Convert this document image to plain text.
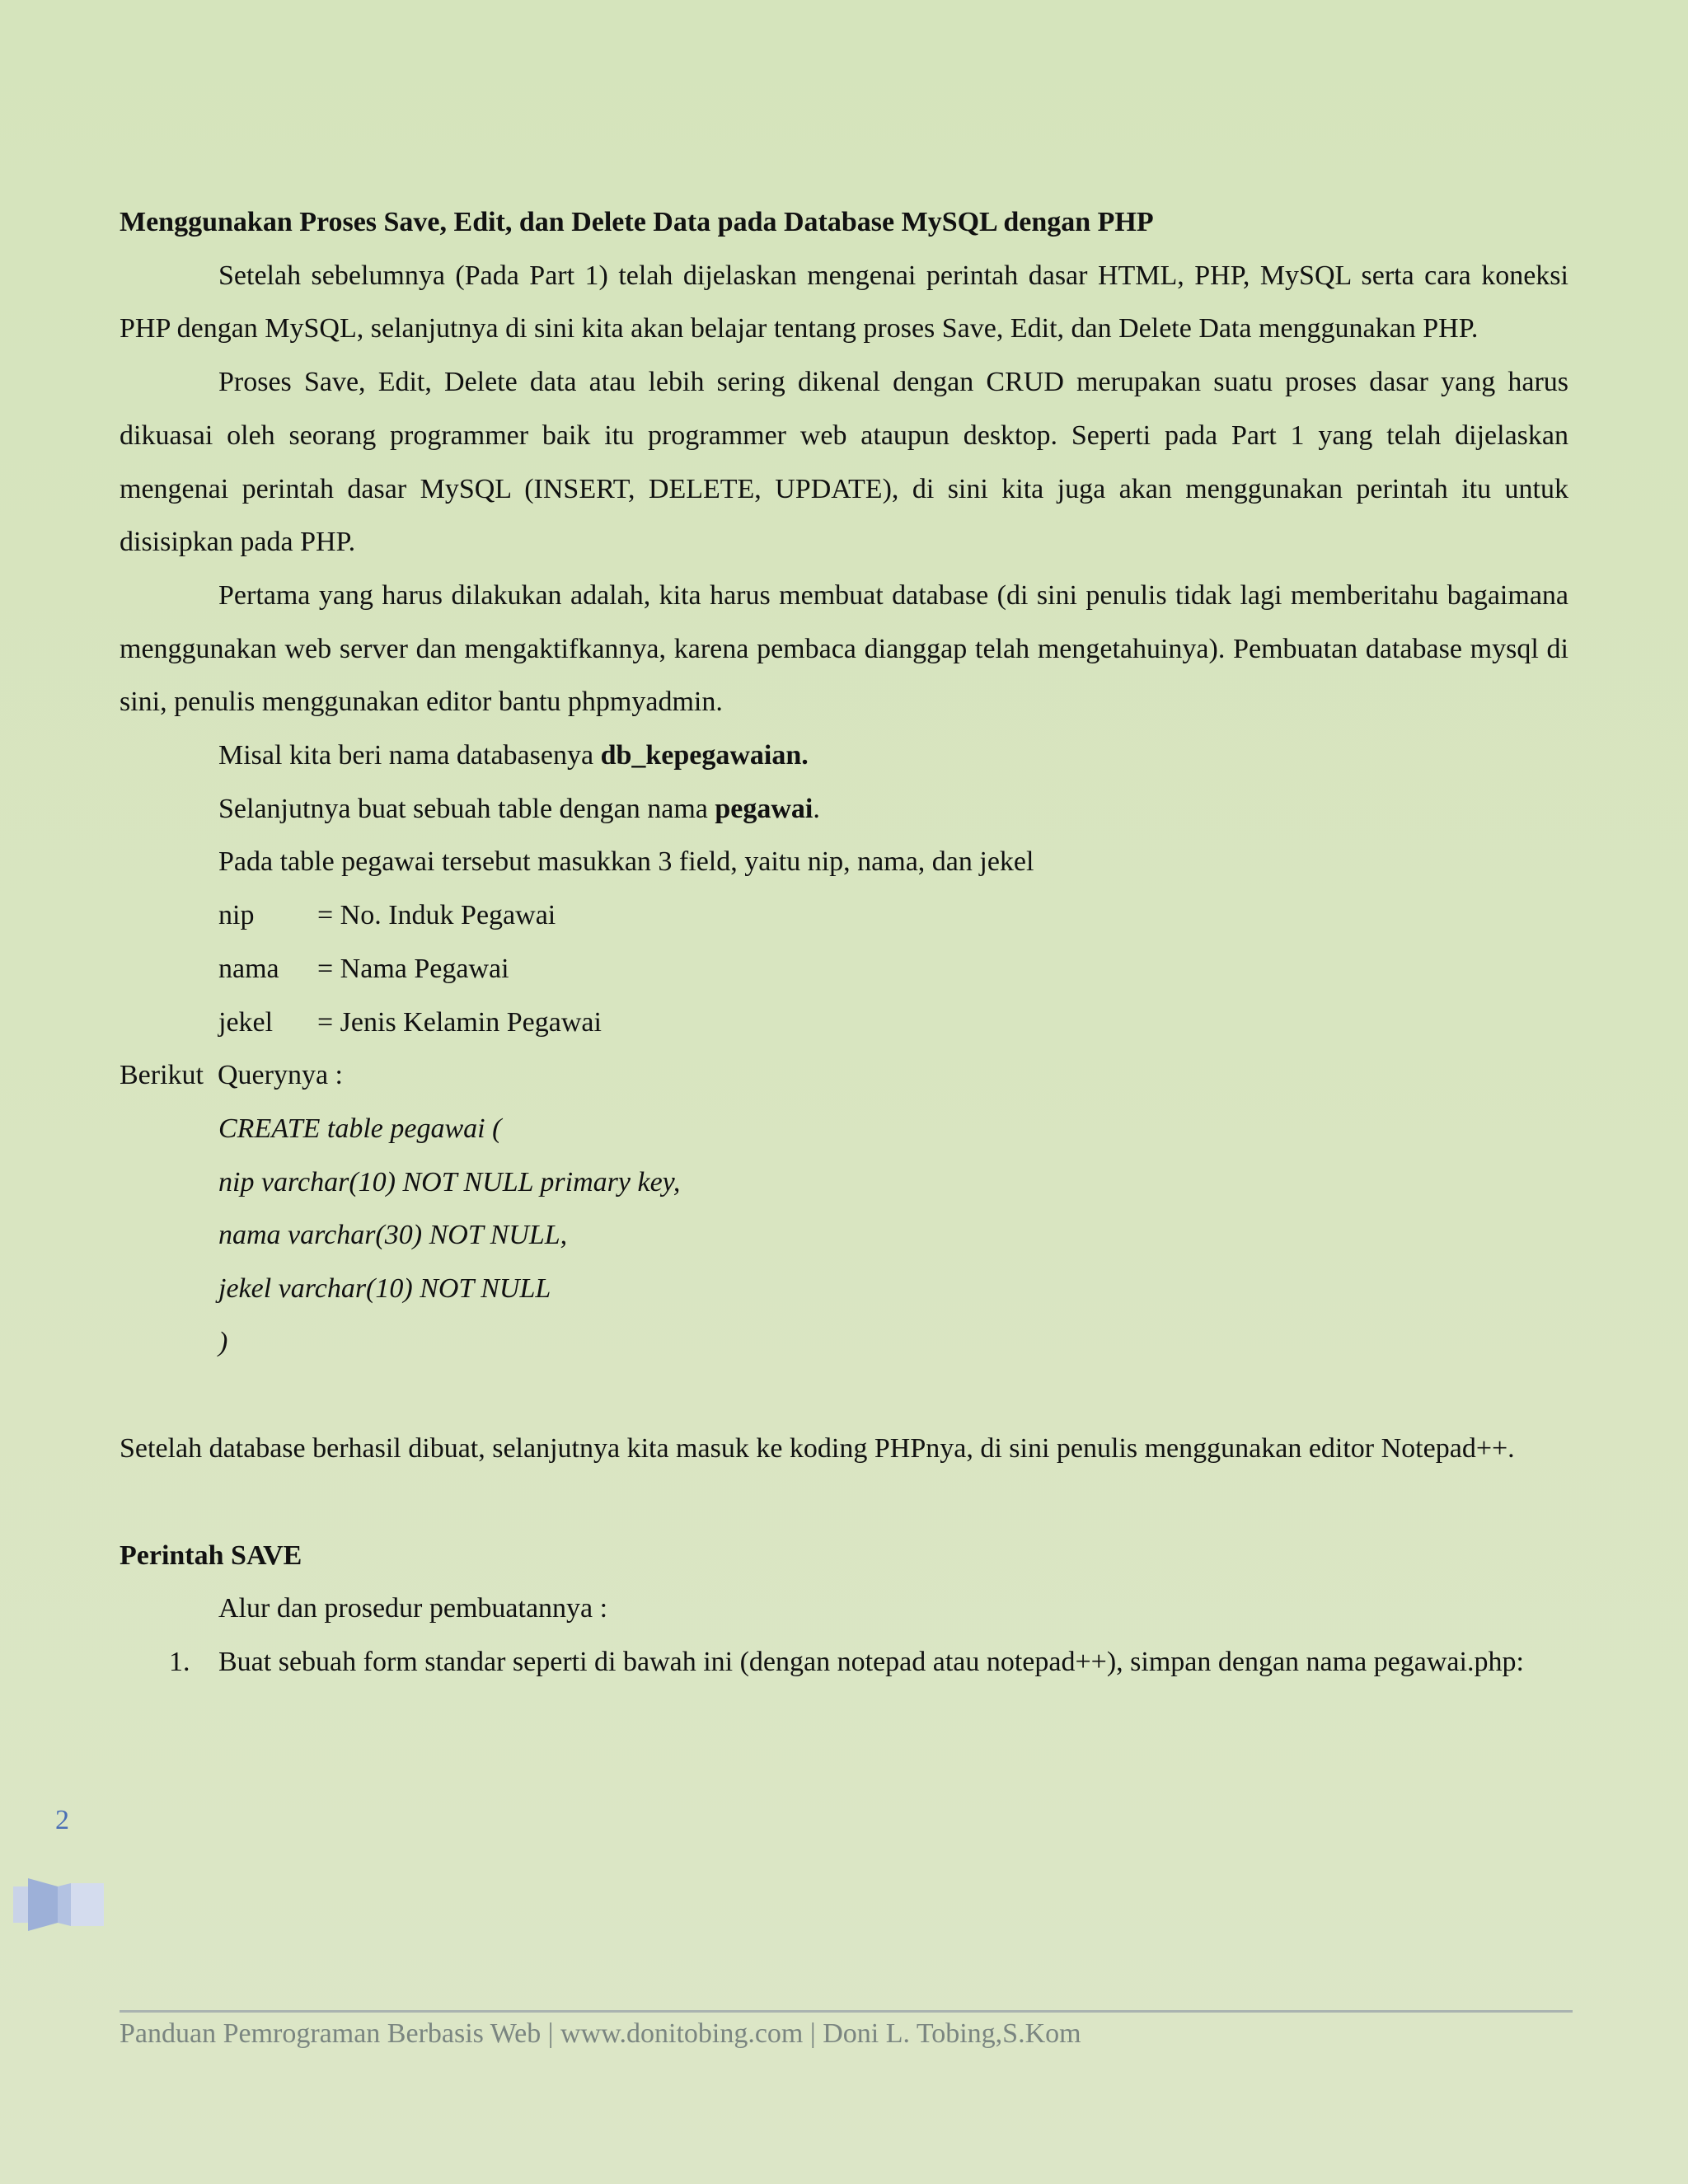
Menggunakan Proses Save, Edit, dan Delete Data pada Database MySQL dengan PHP

Setelah sebelumnya (Pada Part 1) telah dijelaskan mengenai perintah dasar HTML, PHP, MySQL serta cara koneksi PHP dengan MySQL, selanjutnya di sini kita akan belajar tentang proses Save, Edit, dan Delete Data menggunakan PHP.

Proses Save, Edit, Delete data atau lebih sering dikenal dengan CRUD merupakan suatu proses dasar yang harus dikuasai oleh seorang programmer baik itu programmer web ataupun desktop. Seperti pada Part 1 yang telah dijelaskan mengenai perintah dasar MySQL (INSERT, DELETE, UPDATE), di sini kita juga akan menggunakan perintah itu untuk disisipkan pada PHP.

Pertama yang harus dilakukan adalah, kita harus membuat database (di sini penulis tidak lagi memberitahu bagaimana menggunakan web server dan mengaktifkannya, karena pembaca dianggap telah mengetahuinya). Pembuatan database mysql di sini, penulis menggunakan editor bantu phpmyadmin.

Misal kita beri nama databasenya db_kepegawaian.

Selanjutnya buat sebuah table dengan nama pegawai.

Pada table pegawai tersebut masukkan 3 field, yaitu nip, nama, dan jekel

nip	= No. Induk Pegawai
nama	= Nama Pegawai
jekel	= Jenis Kelamin Pegawai

Berikut  Querynya :

CREATE table pegawai (
nip varchar(10) NOT NULL primary key,
nama varchar(30) NOT NULL,
jekel varchar(10) NOT NULL
)

Setelah database berhasil dibuat, selanjutnya kita masuk ke koding PHPnya, di sini penulis menggunakan editor Notepad++.

Perintah SAVE

Alur dan prosedur pembuatannya :

1.	Buat sebuah form standar seperti di bawah ini (dengan notepad atau notepad++), simpan dengan nama pegawai.php:
2
Panduan Pemrograman Berbasis Web | www.donitobing.com | Doni L. Tobing,S.Kom
